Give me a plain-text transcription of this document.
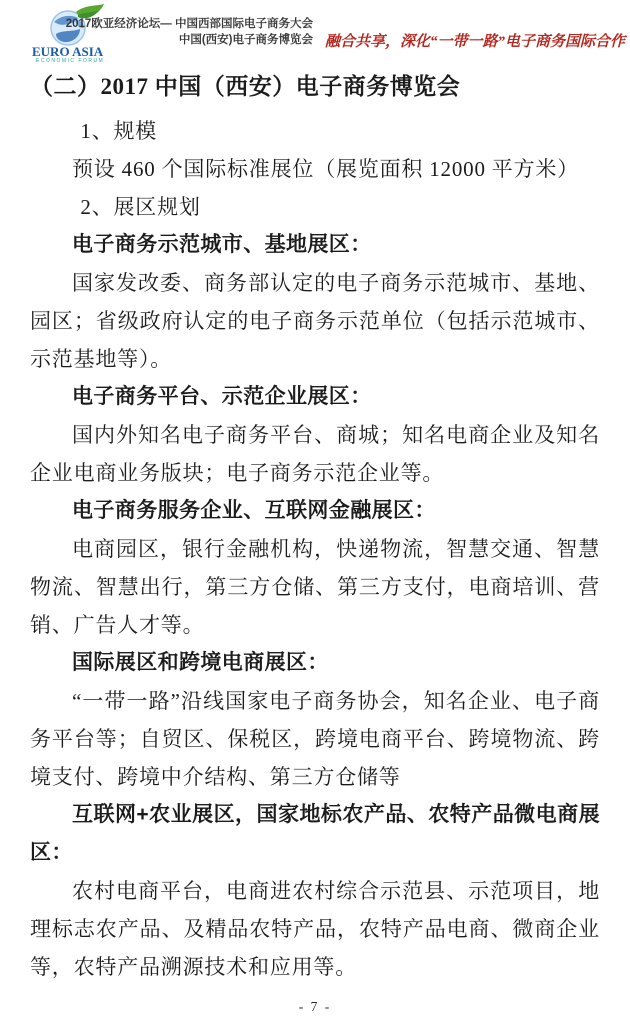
EURO ASIA
ECONOMIC FORUM
2017欧亚经济论坛— 中国西部国际电子商务大会
中国(西安)电子商务博览会 融合共享，深化“一带一路”电子商务国际合作
（二）2017 中国（西安）电子商务博览会

1、规模

预设 460 个国际标准展位（展览面积 12000 平方米）

2、展区规划

电子商务示范城市、基地展区：

国家发改委、商务部认定的电子商务示范城市、基地、园区；省级政府认定的电子商务示范单位（包括示范城市、示范基地等）。

电子商务平台、示范企业展区：

国内外知名电子商务平台、商城；知名电商企业及知名企业电商业务版块；电子商务示范企业等。

电子商务服务企业、互联网金融展区：

电商园区，银行金融机构，快递物流，智慧交通、智慧物流、智慧出行，第三方仓储、第三方支付，电商培训、营销、广告人才等。

国际展区和跨境电商展区：

“一带一路”沿线国家电子商务协会，知名企业、电子商务平台等；自贸区、保税区，跨境电商平台、跨境物流、跨境支付、跨境中介结构、第三方仓储等

互联网+农业展区，国家地标农产品、农特产品微电商展区：

农村电商平台，电商进农村综合示范县、示范项目，地理标志农产品、及精品农特产品，农特产品电商、微商企业等，农特产品溯源技术和应用等。

- 7 -
